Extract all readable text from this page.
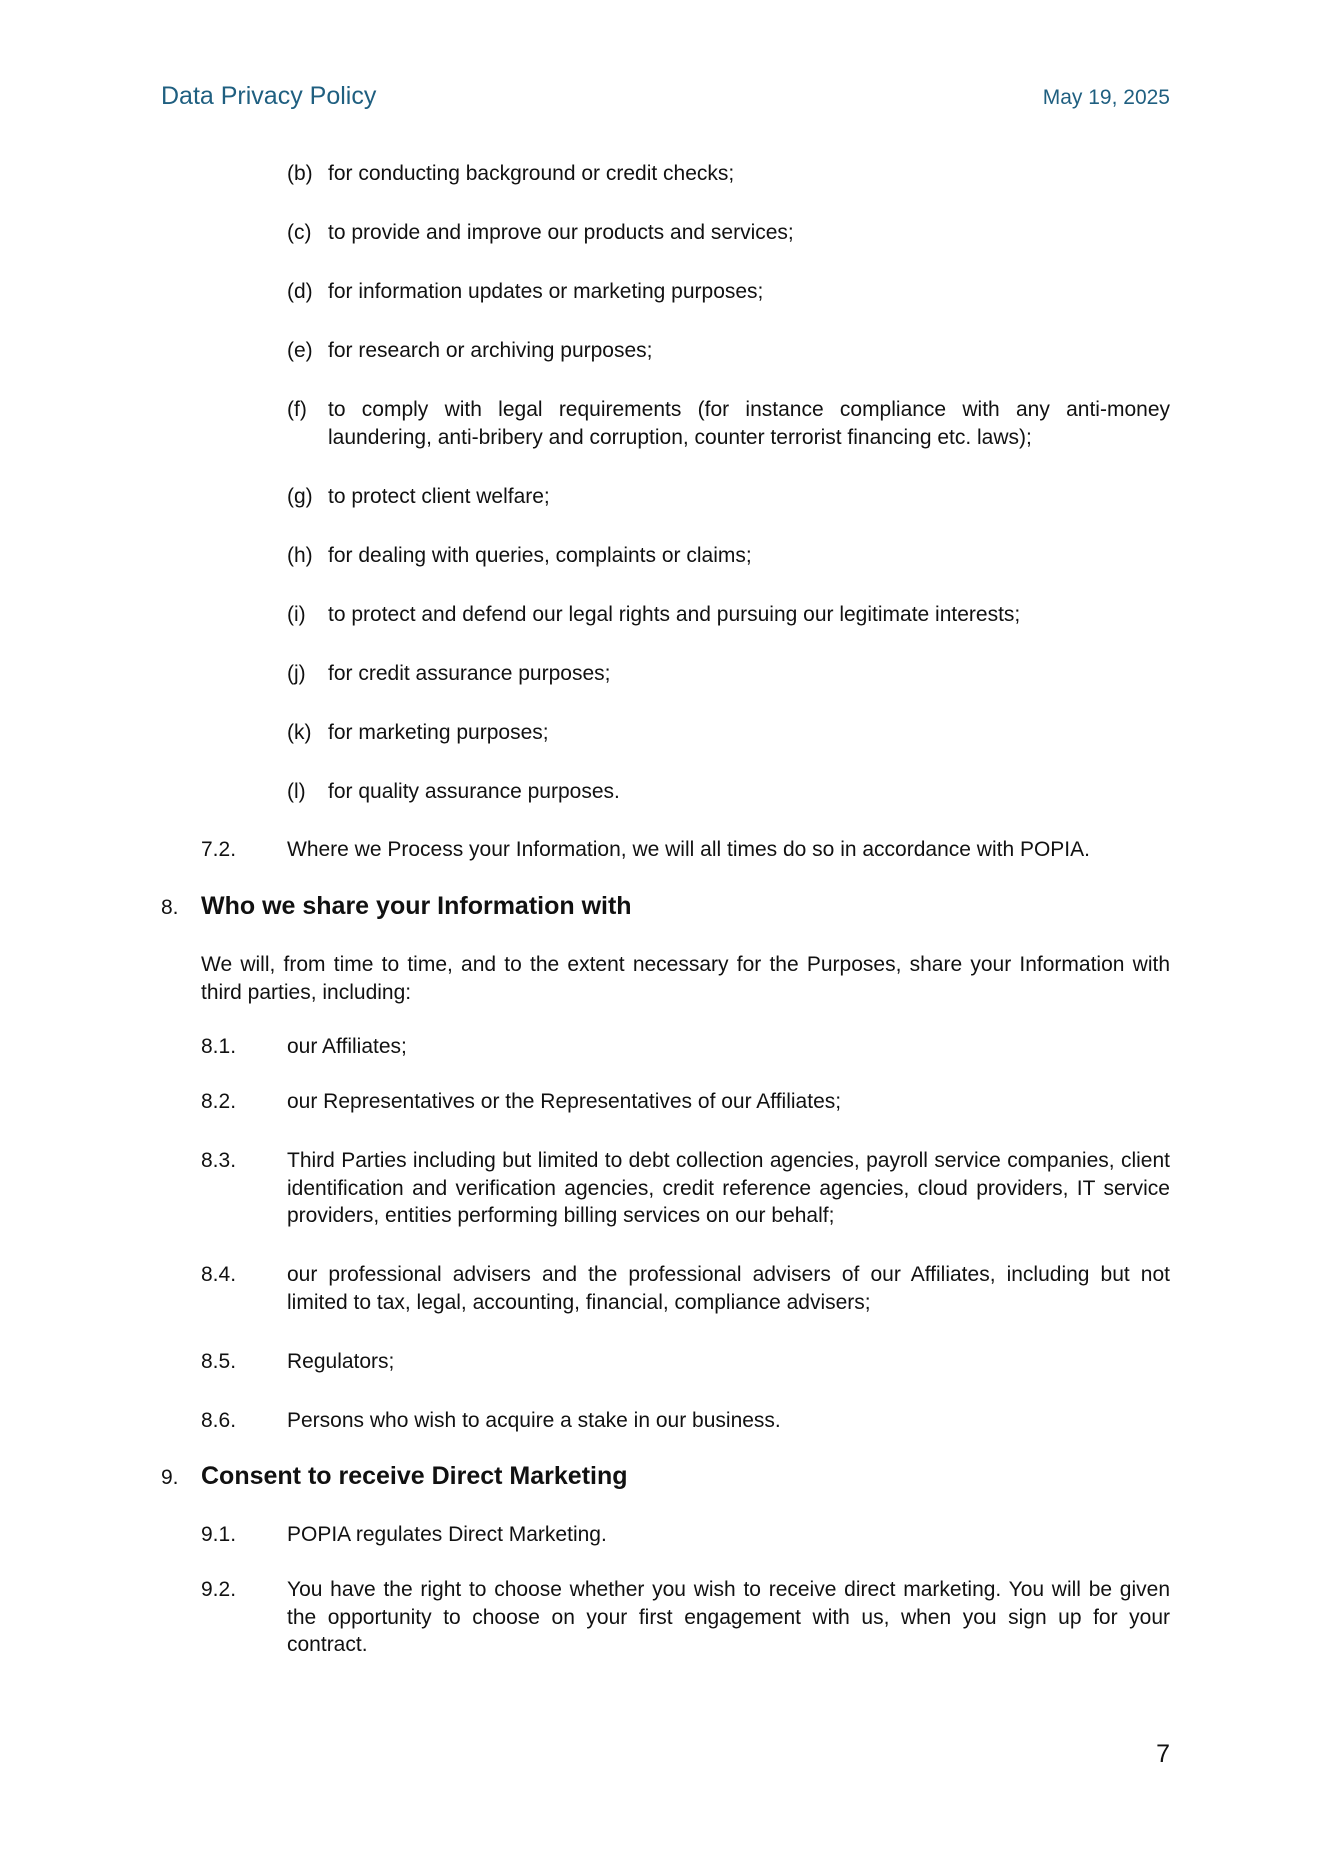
Data Privacy Policy	May 19, 2025
(b) for conducting background or credit checks;
(c) to provide and improve our products and services;
(d) for information updates or marketing purposes;
(e) for research or archiving purposes;
(f) to comply with legal requirements (for instance compliance with any anti-money laundering, anti-bribery and corruption, counter terrorist financing etc. laws);
(g) to protect client welfare;
(h) for dealing with queries, complaints or claims;
(i) to protect and defend our legal rights and pursuing our legitimate interests;
(j) for credit assurance purposes;
(k) for marketing purposes;
(l) for quality assurance purposes.
7.2. Where we Process your Information, we will all times do so in accordance with POPIA.
8. Who we share your Information with
We will, from time to time, and to the extent necessary for the Purposes, share your Information with third parties, including:
8.1. our Affiliates;
8.2. our Representatives or the Representatives of our Affiliates;
8.3. Third Parties including but limited to debt collection agencies, payroll service companies, client identification and verification agencies, credit reference agencies, cloud providers, IT service providers, entities performing billing services on our behalf;
8.4. our professional advisers and the professional advisers of our Affiliates, including but not limited to tax, legal, accounting, financial, compliance advisers;
8.5. Regulators;
8.6. Persons who wish to acquire a stake in our business.
9. Consent to receive Direct Marketing
9.1. POPIA regulates Direct Marketing.
9.2. You have the right to choose whether you wish to receive direct marketing. You will be given the opportunity to choose on your first engagement with us, when you sign up for your contract.
7
